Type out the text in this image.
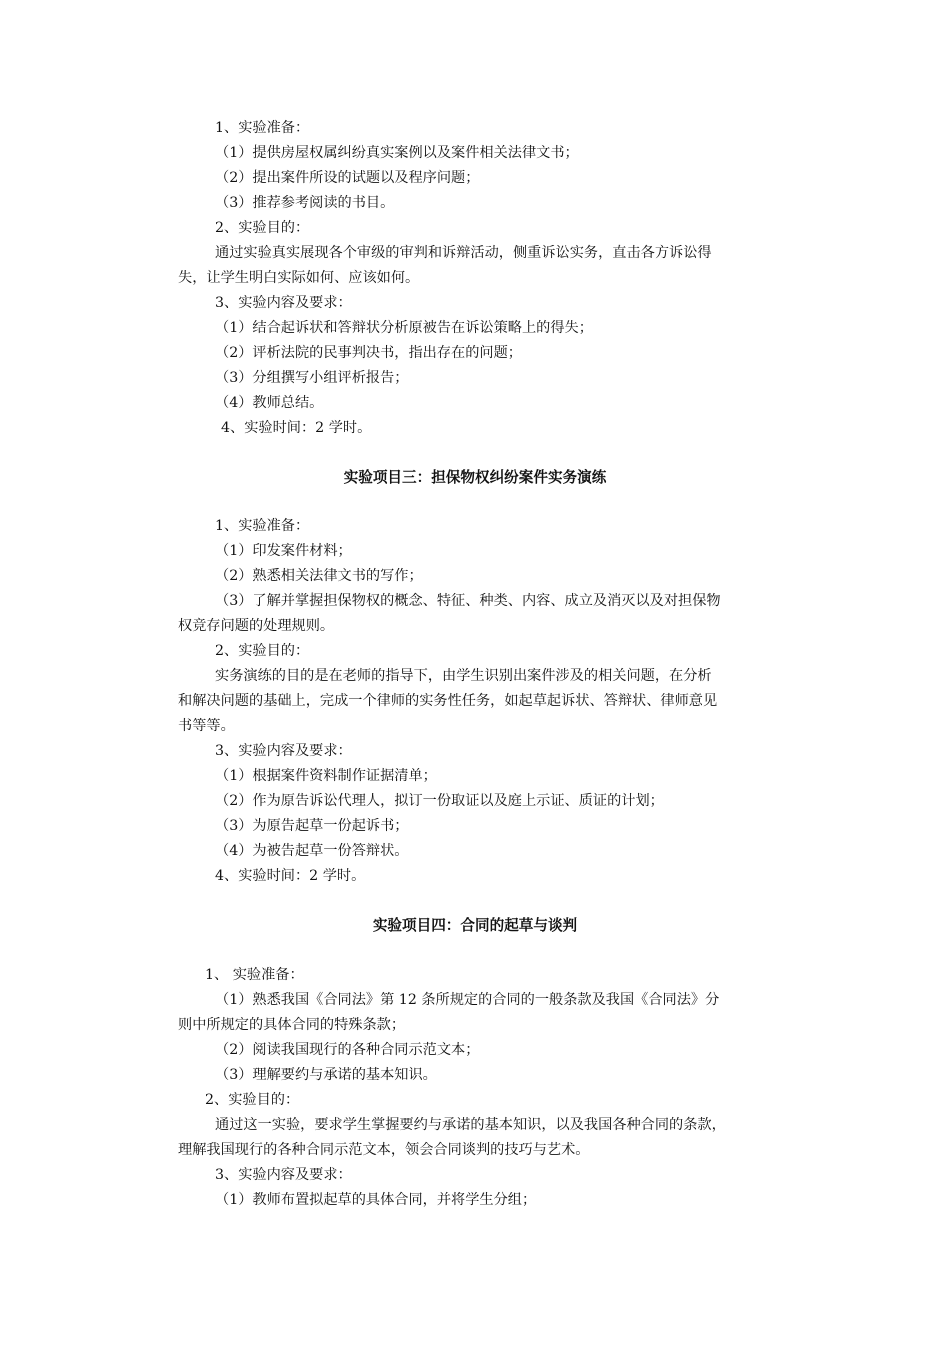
1、实验准备：
（1）提供房屋权属纠纷真实案例以及案件相关法律文书；
（2）提出案件所设的试题以及程序问题；
（3）推荐参考阅读的书目。
2、实验目的：
通过实验真实展现各个审级的审判和诉辩活动，侧重诉讼实务，直击各方诉讼得
失，让学生明白实际如何、应该如何。
3、实验内容及要求：
（1）结合起诉状和答辩状分析原被告在诉讼策略上的得失；
（2）评析法院的民事判决书，指出存在的问题；
（3）分组撰写小组评析报告；
（4）教师总结。
4、实验时间：2 学时。
实验项目三：担保物权纠纷案件实务演练
1、实验准备：
（1）印发案件材料；
（2）熟悉相关法律文书的写作；
（3）了解并掌握担保物权的概念、特征、种类、内容、成立及消灭以及对担保物
权竞存问题的处理规则。
2、实验目的：
实务演练的目的是在老师的指导下，由学生识别出案件涉及的相关问题，在分析
和解决问题的基础上，完成一个律师的实务性任务，如起草起诉状、答辩状、律师意见
书等等。
3、实验内容及要求：
（1）根据案件资料制作证据清单；
（2）作为原告诉讼代理人，拟订一份取证以及庭上示证、质证的计划；
（3）为原告起草一份起诉书；
（4）为被告起草一份答辩状。
4、实验时间：2 学时。
实验项目四：合同的起草与谈判
1、 实验准备：
（1）熟悉我国《合同法》第 12 条所规定的合同的一般条款及我国《合同法》分
则中所规定的具体合同的特殊条款；
（2）阅读我国现行的各种合同示范文本；
（3）理解要约与承诺的基本知识。
2、实验目的：
通过这一实验，要求学生掌握要约与承诺的基本知识，以及我国各种合同的条款，
理解我国现行的各种合同示范文本，领会合同谈判的技巧与艺术。
3、实验内容及要求：
（1）教师布置拟起草的具体合同，并将学生分组；
